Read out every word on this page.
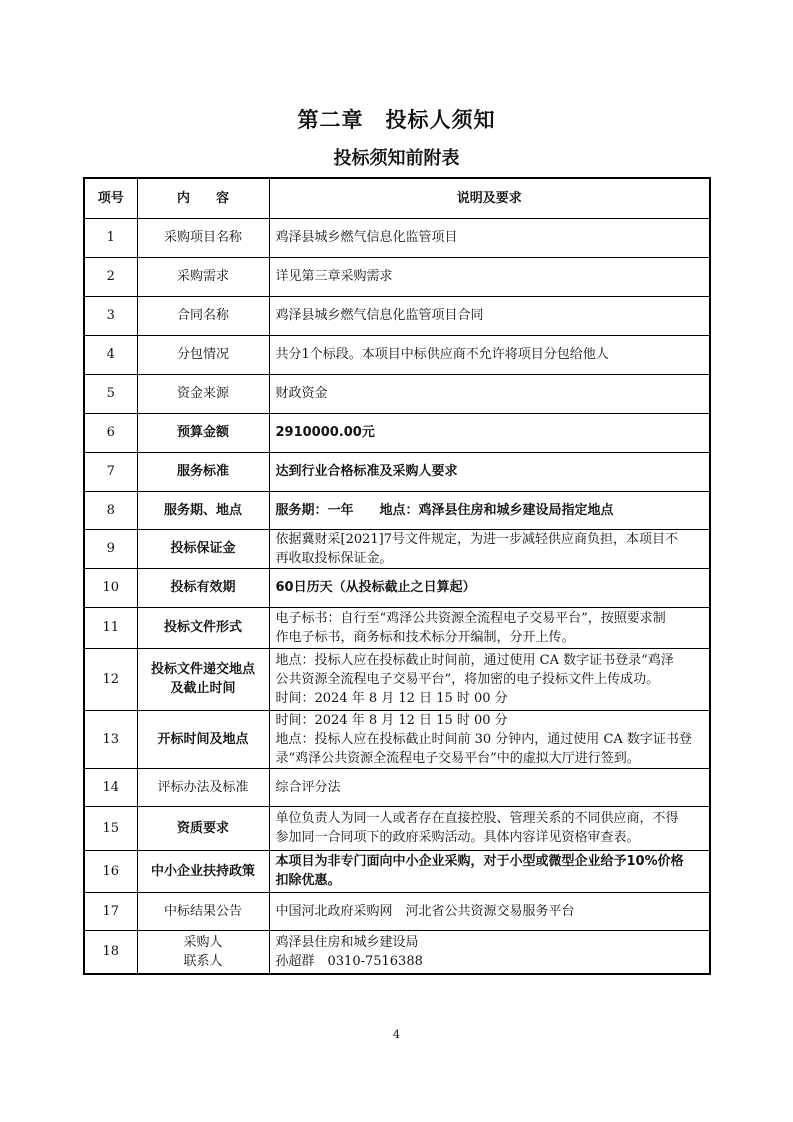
第二章　投标人须知
投标须知前附表
项号	内　　容	说明及要求
1	采购项目名称	鸡泽县城乡燃气信息化监管项目

2	采购需求	详见第三章采购需求

3	合同名称	鸡泽县城乡燃气信息化监管项目合同

4	分包情况	共分1个标段。本项目中标供应商不允许将项目分包给他人

5	资金来源	财政资金

6	预算金额	2910000.00元

7	服务标准	达到行业合格标准及采购人要求

8	服务期、地点	服务期：一年　　地点：鸡泽县住房和城乡建设局指定地点

9	投标保证金	依据冀财采[2021]7号文件规定，为进一步减轻供应商负担，本项目不
再收取投标保证金。

10	投标有效期	60日历天（从投标截止之日算起）

11	投标文件形式	电子标书：自行至“鸡泽公共资源全流程电子交易平台”，按照要求制
作电子标书，商务标和技术标分开编制，分开上传。

12	投标文件递交地点
及截止时间	地点：投标人应在投标截止时间前，通过使用 CA 数字证书登录“鸡泽
公共资源全流程电子交易平台”，将加密的电子投标文件上传成功。
时间：2024 年 8 月 12 日 15 时 00 分

13	开标时间及地点	时间：2024 年 8 月 12 日 15 时 00 分
地点：投标人应在投标截止时间前 30 分钟内，通过使用 CA 数字证书登
录“鸡泽公共资源全流程电子交易平台”中的虚拟大厅进行签到。

14	评标办法及标准	综合评分法

15	资质要求	单位负责人为同一人或者存在直接控股、管理关系的不同供应商，不得
参加同一合同项下的政府采购活动。具体内容详见资格审查表。

16	中小企业扶持政策	本项目为非专门面向中小企业采购，对于小型或微型企业给予10%价格
扣除优惠。

17	中标结果公告	中国河北政府采购网　河北省公共资源交易服务平台

18	采购人
联系人	鸡泽县住房和城乡建设局
孙超群　0310-7516388
4
